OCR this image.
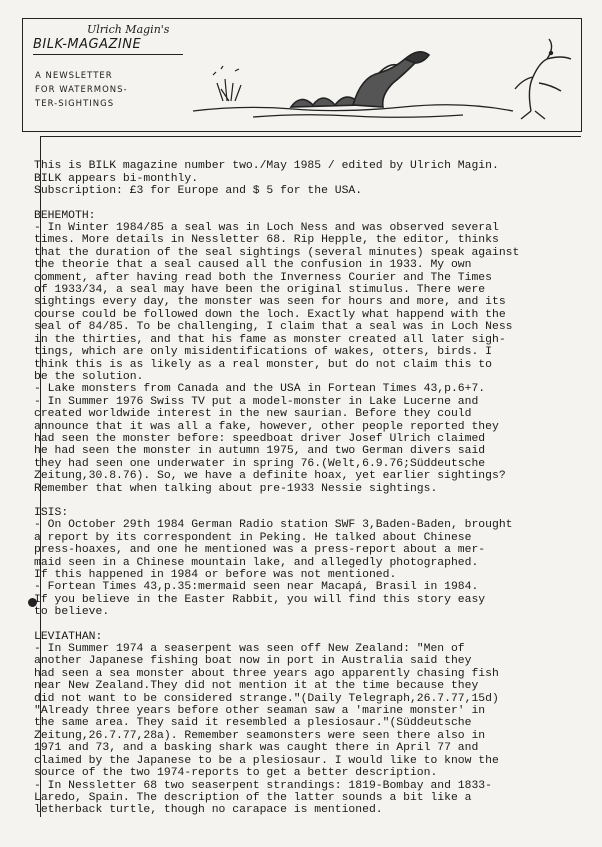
Ulrich Magin's
BILK-MAGAZINE
A NEWSLETTER
FOR WATERMONS-
TER-SIGHTINGS

This is BILK magazine number two./May 1985 / edited by Ulrich Magin.

BILK appears bi-monthly.

Subscription: £3 for Europe and $ 5 for the USA.

BEHEMOTH:

- In Winter 1984/85 a seal was in Loch Ness and was observed several

times. More details in Nessletter 68. Rip Hepple, the editor, thinks

that the duration of the seal sightings (several minutes) speak against

the theorie that a seal caused all the confusion in 1933. My own

comment, after having read both the Inverness Courier and The Times

of 1933/34, a seal may have been the original stimulus. There were

sightings every day, the monster was seen for hours and more, and its

course could be followed down the loch. Exactly what happend with the

seal of 84/85. To be challenging, I claim that a seal was in Loch Ness

in the thirties, and that his fame as monster created all later sigh-

tings, which are only misidentifications of wakes, otters, birds. I

think this is as likely as a real monster, but do not claim this to

be the solution.

- Lake monsters from Canada and the USA in Fortean Times 43,p.6+7.

- In Summer 1976 Swiss TV put a model-monster in Lake Lucerne and

created worldwide interest in the new saurian. Before they could

announce that it was all a fake, however, other people reported they

had seen the monster before: speedboat driver Josef Ulrich claimed

he had seen the monster in autumn 1975, and two German divers said

they had seen one underwater in spring 76.(Welt,6.9.76;Süddeutsche

Zeitung,30.8.76). So, we have a definite hoax, yet earlier sightings?

Remember that when talking about pre-1933 Nessie sightings.

ISIS:

- On October 29th 1984 German Radio station SWF 3,Baden-Baden, brought

a report by its correspondent in Peking. He talked about Chinese

press-hoaxes, and one he mentioned was a press-report about a mer-

maid seen in a Chinese mountain lake, and allegedly photographed.

If this happened in 1984 or before was not mentioned.

- Fortean Times 43,p.35:mermaid seen near Macapá, Brasil in 1984.

If you believe in the Easter Rabbit, you will find this story easy

to believe.

LEVIATHAN:

- In Summer 1974 a seaserpent was seen off New Zealand: "Men of

another Japanese fishing boat now in port in Australia said they

had seen a sea monster about three years ago apparently chasing fish

near New Zealand.They did not mention it at the time because they

did not want to be considered strange."(Daily Telegraph,26.7.77,15d)

"Already three years before other seaman saw a 'marine monster' in

the same area. They said it resembled a plesiosaur."(Süddeutsche

Zeitung,26.7.77,28a). Remember seamonsters were seen there also in

1971 and 73, and a basking shark was caught there in April 77 and

claimed by the Japanese to be a plesiosaur. I would like to know the

source of the two 1974-reports to get a better description.

- In Nessletter 68 two seaserpent strandings: 1819-Bombay and 1833-

Laredo, Spain. The description of the latter sounds a bit like a

letherback turtle, though no carapace is mentioned.
